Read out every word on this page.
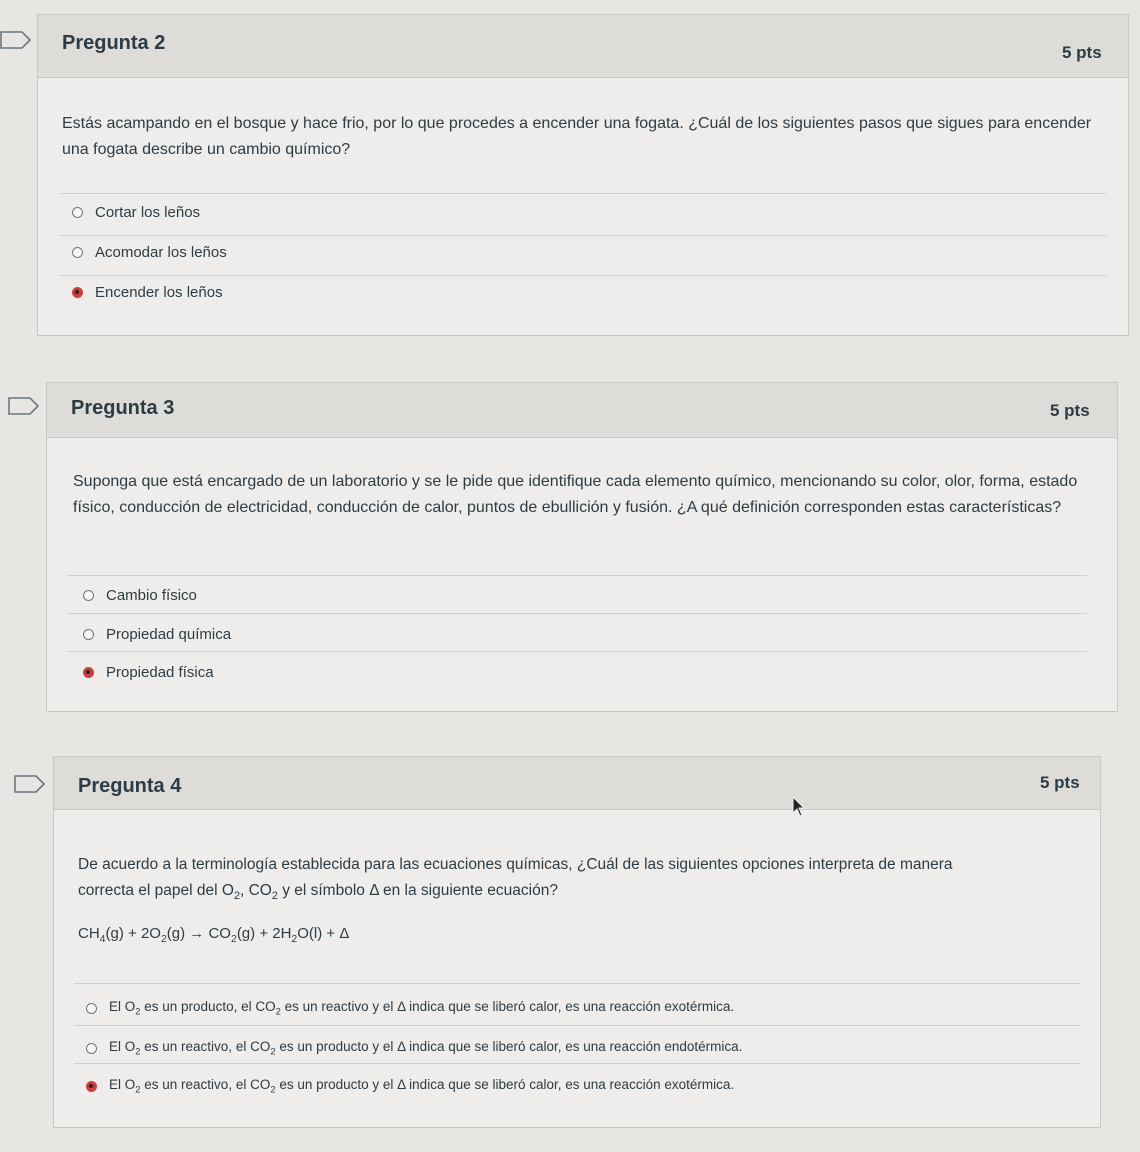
Pregunta 2	5 pts
Estás acampando en el bosque y hace frio, por lo que procedes a encender una fogata. ¿Cuál de los siguientes pasos que sigues para encender una fogata describe un cambio químico?
Cortar los leños
Acomodar los leños
Encender los leños
Pregunta 3	5 pts
Suponga que está encargado de un laboratorio y se le pide que identifique cada elemento químico, mencionando su color, olor, forma, estado físico, conducción de electricidad, conducción de calor, puntos de ebullición y fusión. ¿A qué definición corresponden estas características?
Cambio físico
Propiedad química
Propiedad física
Pregunta 4	5 pts
De acuerdo a la terminología establecida para las ecuaciones químicas, ¿Cuál de las siguientes opciones interpreta de manera
correcta el papel del $O_2$, $CO_2$ y el símbolo Δ en la siguiente ecuación?
$CH_4(g) + 2O_2(g) \to CO_2(g) + 2H_2O(l) + \Delta$
El $O_2$ es un producto, el $CO_2$ es un reactivo y el Δ indica que se liberó calor, es una reacción exotérmica.
El $O_2$ es un reactivo, el $CO_2$ es un producto y el Δ indica que se liberó calor, es una reacción endotérmica.
El $O_2$ es un reactivo, el $CO_2$ es un producto y el Δ indica que se liberó calor, es una reacción exotérmica.
